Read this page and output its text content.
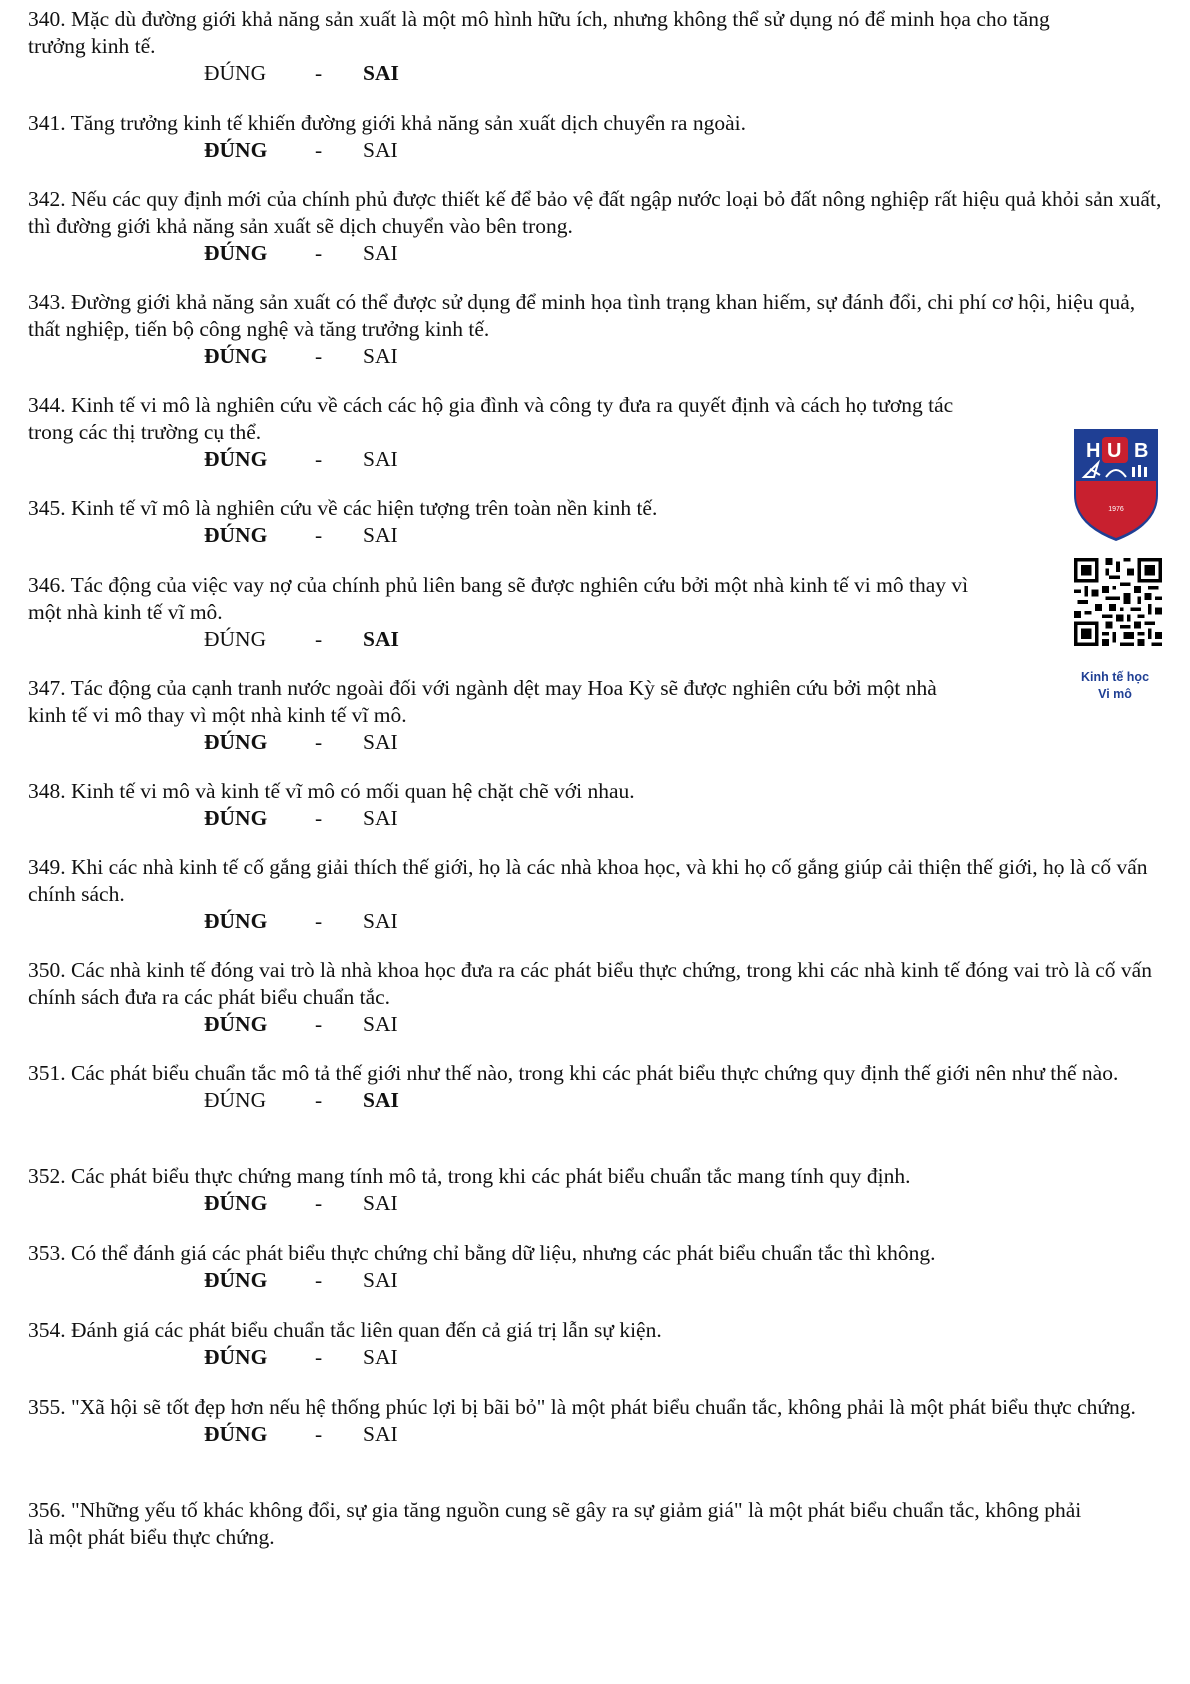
340. Mặc dù đường giới khả năng sản xuất là một mô hình hữu ích, nhưng không thể sử dụng nó để minh họa cho tăng trưởng kinh tế.

ĐÚNG - SAI

341. Tăng trưởng kinh tế khiến đường giới khả năng sản xuất dịch chuyển ra ngoài.

ĐÚNG - SAI

342. Nếu các quy định mới của chính phủ được thiết kế để bảo vệ đất ngập nước loại bỏ đất nông nghiệp rất hiệu quả khỏi sản xuất, thì đường giới khả năng sản xuất sẽ dịch chuyển vào bên trong.

ĐÚNG - SAI

343. Đường giới khả năng sản xuất có thể được sử dụng để minh họa tình trạng khan hiếm, sự đánh đổi, chi phí cơ hội, hiệu quả, thất nghiệp, tiến bộ công nghệ và tăng trưởng kinh tế.

ĐÚNG - SAI

344. Kinh tế vi mô là nghiên cứu về cách các hộ gia đình và công ty đưa ra quyết định và cách họ tương tác trong các thị trường cụ thể.

ĐÚNG - SAI

345. Kinh tế vĩ mô là nghiên cứu về các hiện tượng trên toàn nền kinh tế.

ĐÚNG - SAI

346. Tác động của việc vay nợ của chính phủ liên bang sẽ được nghiên cứu bởi một nhà kinh tế vi mô thay vì một nhà kinh tế vĩ mô.

ĐÚNG - SAI

347. Tác động của cạnh tranh nước ngoài đối với ngành dệt may Hoa Kỳ sẽ được nghiên cứu bởi một nhà kinh tế vi mô thay vì một nhà kinh tế vĩ mô.

ĐÚNG - SAI

348. Kinh tế vi mô và kinh tế vĩ mô có mối quan hệ chặt chẽ với nhau.

ĐÚNG - SAI

349. Khi các nhà kinh tế cố gắng giải thích thế giới, họ là các nhà khoa học, và khi họ cố gắng giúp cải thiện thế giới, họ là cố vấn chính sách.

ĐÚNG - SAI

350. Các nhà kinh tế đóng vai trò là nhà khoa học đưa ra các phát biểu thực chứng, trong khi các nhà kinh tế đóng vai trò là cố vấn chính sách đưa ra các phát biểu chuẩn tắc.

ĐÚNG - SAI

351. Các phát biểu chuẩn tắc mô tả thế giới như thế nào, trong khi các phát biểu thực chứng quy định thế giới nên như thế nào.

ĐÚNG - SAI

352. Các phát biểu thực chứng mang tính mô tả, trong khi các phát biểu chuẩn tắc mang tính quy định.

ĐÚNG - SAI

353. Có thể đánh giá các phát biểu thực chứng chỉ bằng dữ liệu, nhưng các phát biểu chuẩn tắc thì không.

ĐÚNG - SAI

354. Đánh giá các phát biểu chuẩn tắc liên quan đến cả giá trị lẫn sự kiện.

ĐÚNG - SAI

355. "Xã hội sẽ tốt đẹp hơn nếu hệ thống phúc lợi bị bãi bỏ" là một phát biểu chuẩn tắc, không phải là một phát biểu thực chứng.

ĐÚNG - SAI

356. "Những yếu tố khác không đổi, sự gia tăng nguồn cung sẽ gây ra sự giảm giá" là một phát biểu chuẩn tắc, không phải là một phát biểu thực chứng.

H U B
1976
Kinh tế học
Vi mô
